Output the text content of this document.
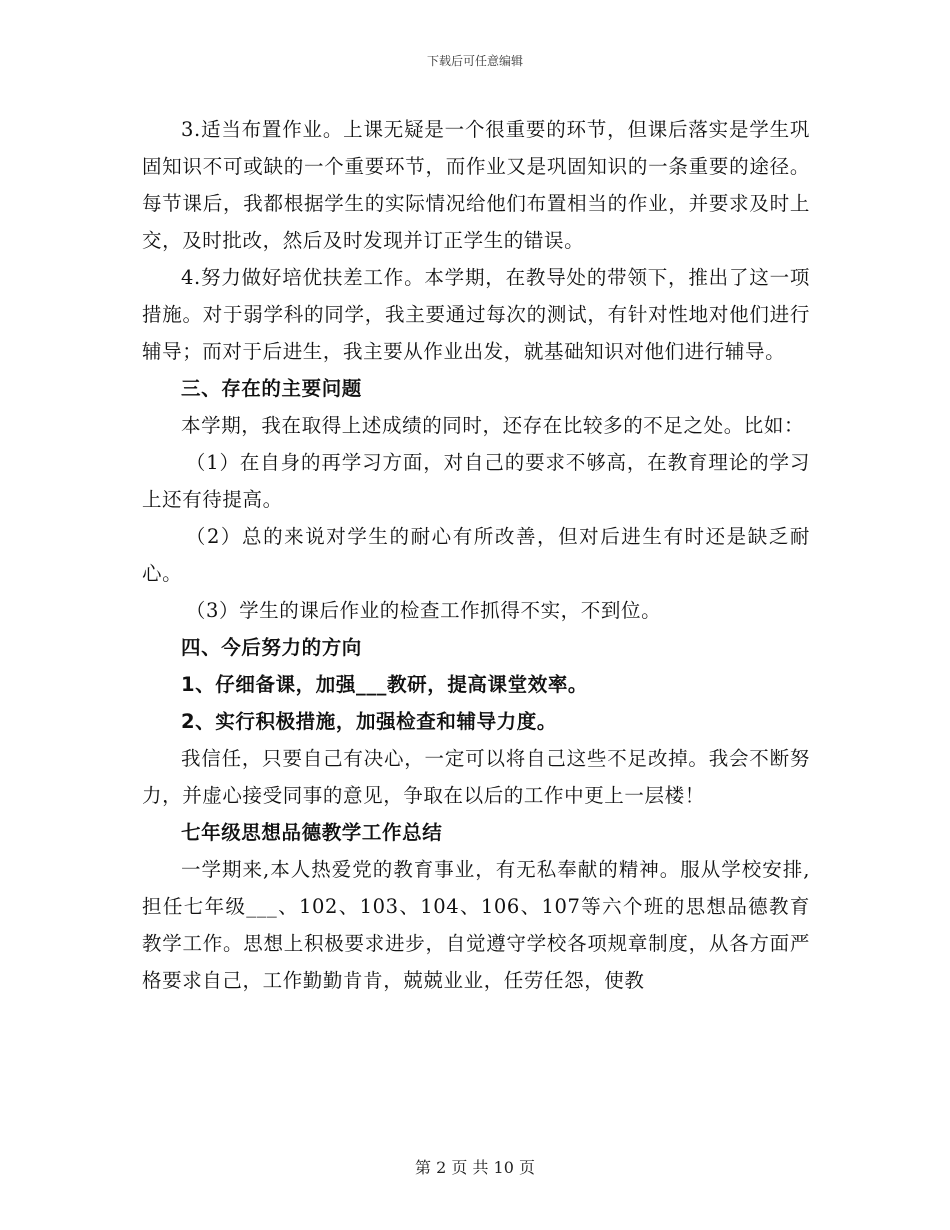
下载后可任意编辑

3.适当布置作业。上课无疑是一个很重要的环节，但课后落实是学生巩固知识不可或缺的一个重要环节，而作业又是巩固知识的一条重要的途径。每节课后，我都根据学生的实际情况给他们布置相当的作业，并要求及时上交，及时批改，然后及时发现并订正学生的错误。

4.努力做好培优扶差工作。本学期，在教导处的带领下，推出了这一项措施。对于弱学科的同学，我主要通过每次的测试，有针对性地对他们进行辅导；而对于后进生，我主要从作业出发，就基础知识对他们进行辅导。

三、存在的主要问题

本学期，我在取得上述成绩的同时，还存在比较多的不足之处。比如：

（1）在自身的再学习方面，对自己的要求不够高，在教育理论的学习上还有待提高。

（2）总的来说对学生的耐心有所改善，但对后进生有时还是缺乏耐心。

（3）学生的课后作业的检查工作抓得不实，不到位。

四、今后努力的方向

1、仔细备课，加强___教研，提高课堂效率。

2、实行积极措施，加强检查和辅导力度。

我信任，只要自己有决心，一定可以将自己这些不足改掉。我会不断努力，并虚心接受同事的意见，争取在以后的工作中更上一层楼！

七年级思想品德教学工作总结

一学期来,本人热爱党的教育事业，有无私奉献的精神。服从学校安排,担任七年级___、102、103、104、106、107等六个班的思想品德教育教学工作。思想上积极要求进步，自觉遵守学校各项规章制度，从各方面严格要求自己，工作勤勤肯肯，兢兢业业，任劳任怨，使教

第 2 页 共 10 页
